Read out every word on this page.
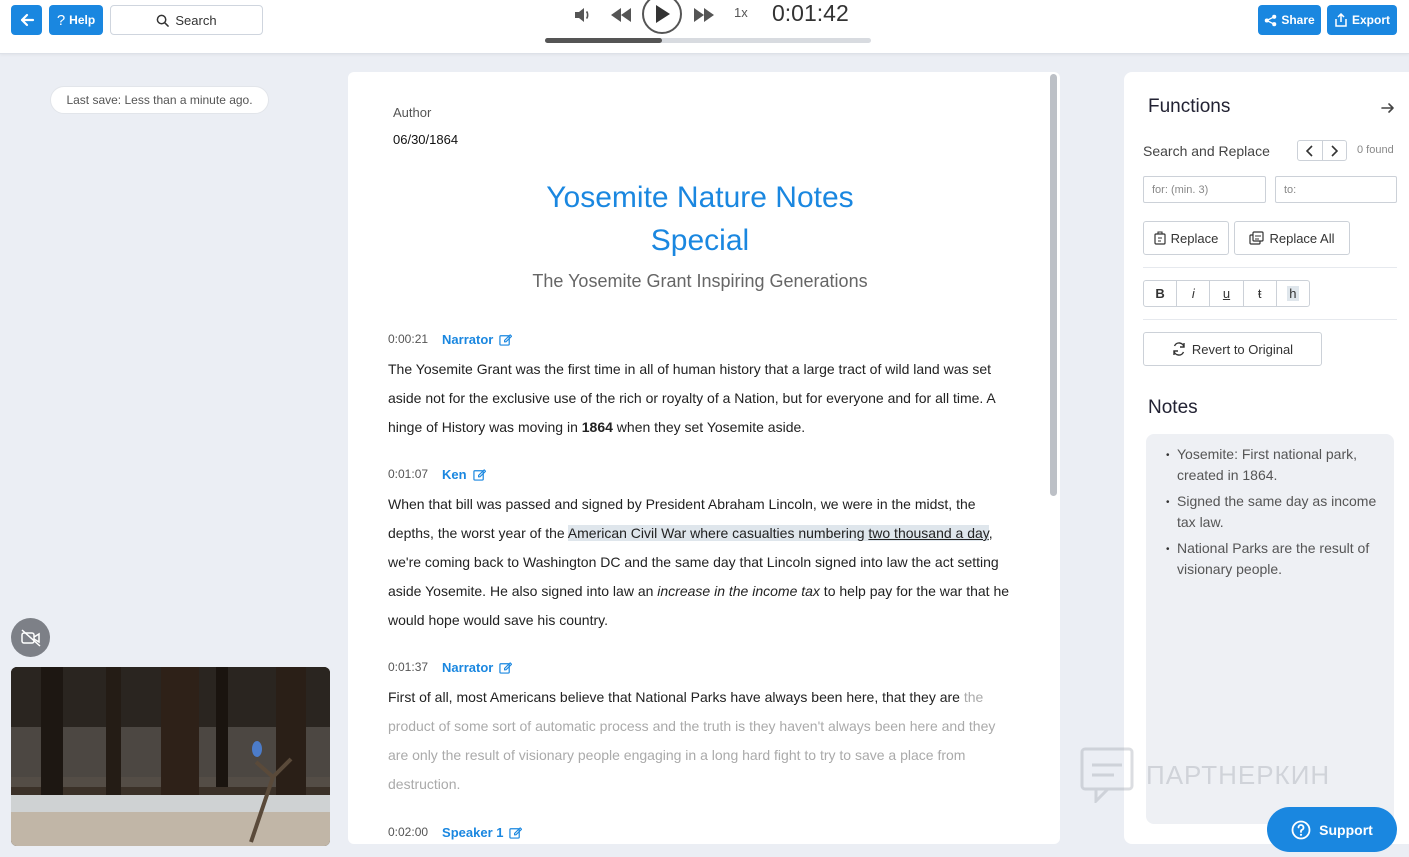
? Help	Search	1x 0:01:42	Share	Export
Last save: Less than a minute ago.
Author
06/30/1864
Yosemite Nature Notes Special
The Yosemite Grant Inspiring Generations
0:00:21 Narrator
The Yosemite Grant was the first time in all of human history that a large tract of wild land was set aside not for the exclusive use of the rich or royalty of a Nation, but for everyone and for all time. A hinge of History was moving in 1864 when they set Yosemite aside.
0:01:07 Ken
When that bill was passed and signed by President Abraham Lincoln, we were in the midst, the depths, the worst year of the American Civil War where casualties numbering two thousand a day, we're coming back to Washington DC and the same day that Lincoln signed into law the act setting aside Yosemite. He also signed into law an increase in the income tax to help pay for the war that he would hope would save his country.
0:01:37 Narrator
First of all, most Americans believe that National Parks have always been here, that they are the product of some sort of automatic process and the truth is they haven't always been here and they are only the result of visionary people engaging in a long hard fight to try to save a place from destruction.
0:02:00 Speaker 1
Functions
Search and Replace	0 found
for: (min. 3)	to:
Replace	Replace All
B	i	u	ŧ	h
Revert to Original
Notes
• Yosemite: First national park, created in 1864.
• Signed the same day as income tax law.
• National Parks are the result of visionary people.
ПАРТНЕРКИН
Support
